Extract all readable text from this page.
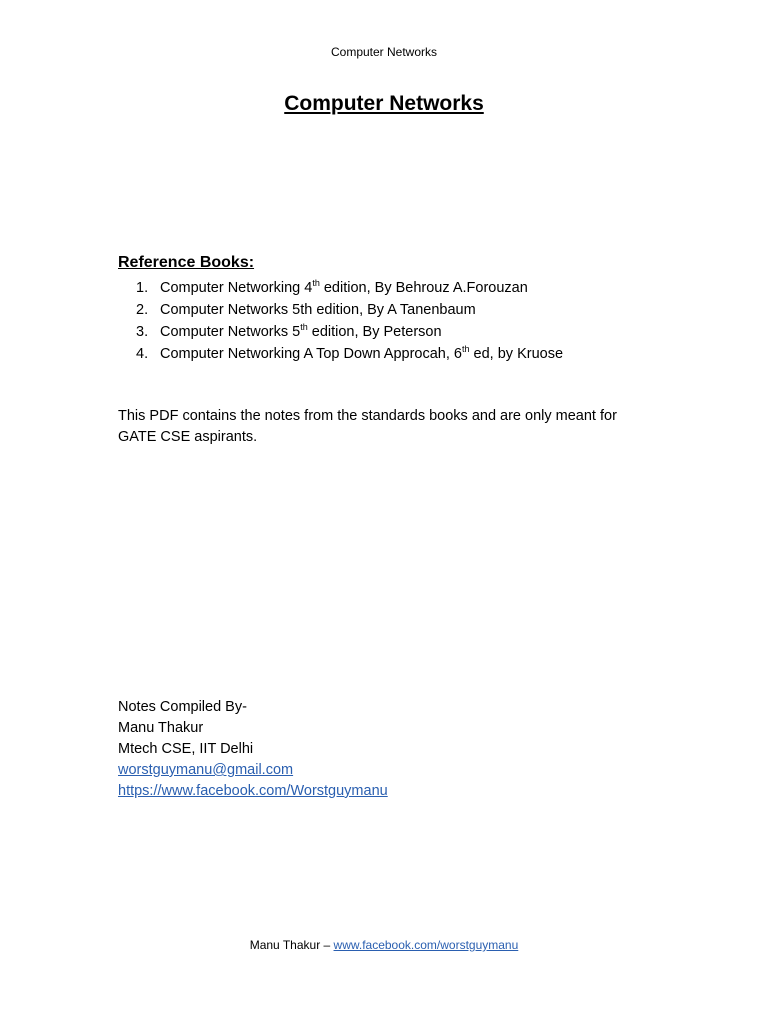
Computer Networks
Computer Networks
Reference Books:
1. Computer Networking 4th edition, By Behrouz A.Forouzan
2. Computer Networks 5th edition, By A Tanenbaum
3. Computer Networks 5th edition, By Peterson
4. Computer Networking A Top Down Approcah, 6th ed, by Kruose
This PDF contains the notes from the standards books and are only meant for GATE CSE aspirants.
Notes Compiled By-
Manu Thakur
Mtech CSE, IIT Delhi
worstguymanu@gmail.com
https://www.facebook.com/Worstguymanu
Manu Thakur – www.facebook.com/worstguymanu
